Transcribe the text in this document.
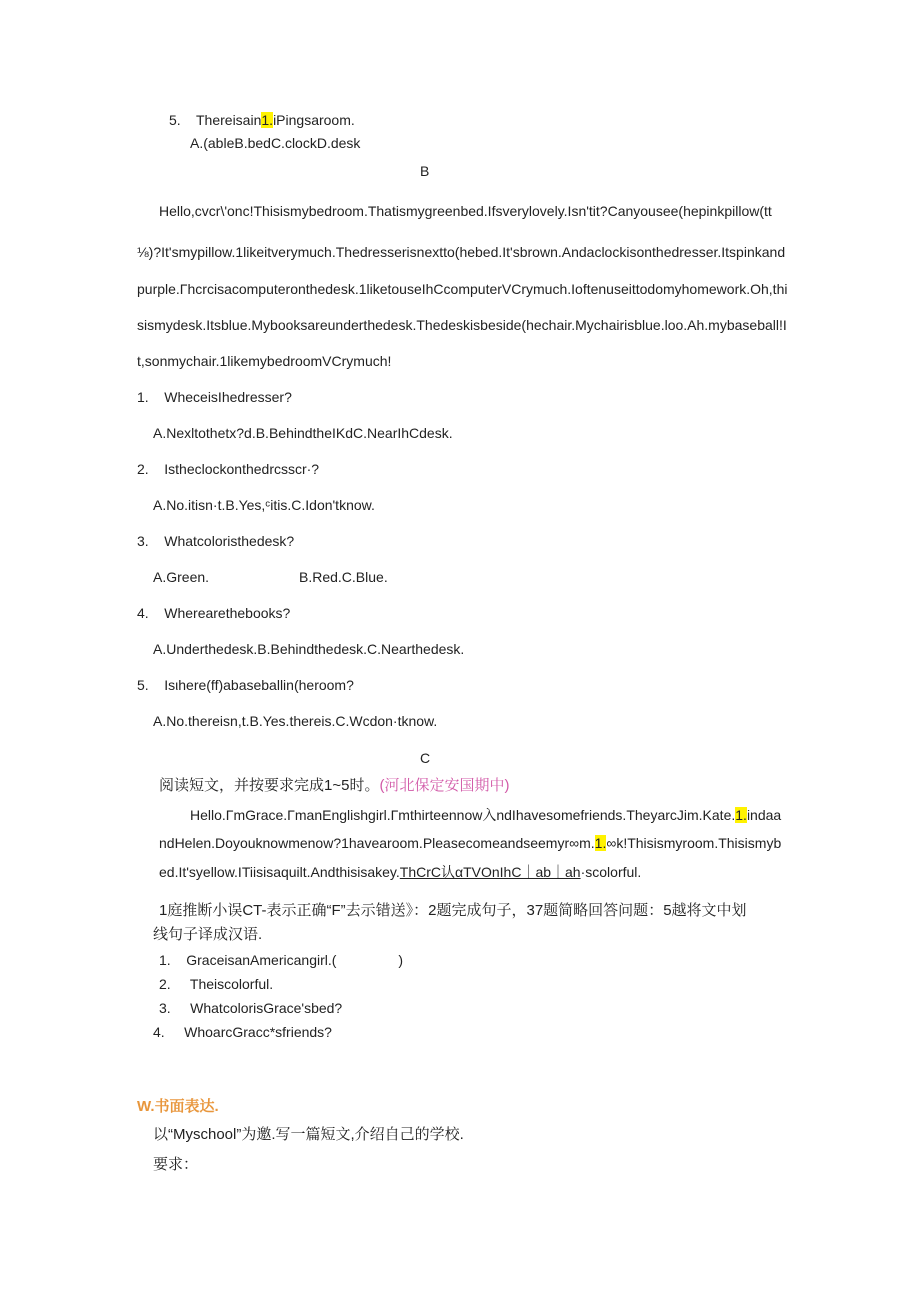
5. Thereisain1.iPingsaroom.
A.(ableB.bedC.clockD.desk
B
Hello,cvcr\'onc!Thisismybedroom.Thatismygreenbed.Ifsverylovely.Isn'tit?Canyousee(hepinkpillow(tt
⅛)?It'smypillow.1likeitverymuch.Thedresserisnextto(hebed.It'sbrown.Andaclockisonthedresser.Itspinkand
purple.Γhcrcisacomputeronthedesk.1liketouseIhCcomputerVCrymuch.Ioftenuseittodomyhomework.Oh,thi
sismydesk.Itsblue.Mybooksareunderthedesk.Thedeskisbeside(hechair.Mychairisblue.loo.Ah.mybaseball!I
t,sonmychair.1likemybedroomVCrymuch!
1. WheceisIhedresser?
A.Nexltothetx?d.B.BehindtheIKdC.NearIhCdesk.
2. Istheclockonthedrcsscr·?
A.No.itisn·t.B.Yes,ᶜitis.C.Idon'tknow.
3. Whatcoloristhedesk?
A.Green.	B.Red.C.Blue.
4. Wherearethebooks?
A.Underthedesk.B.Behindthedesk.C.Nearthedesk.
5. Isιhere(ff)abaseballin(heroom?
A.No.thereisn,t.B.Yes.thereis.C.Wcdon·tknow.
C
阅读短文，并按要求完成1~5时。(河北保定安国期中)
Hello.ΓmGrace.ΓmanEnglishgirl.Γmthirteennow入ndIhavesomefriends.TheyarcJim.Kate.1.indaa
ndHelen.Doyouknowmenow?1havearoom.Pleasecomeandseemyr∞m.1.∞k!Thisismyroom.Thisismyb
ed.It'syellow.ITiisisaquilt.Andthisisakey.ThCrC认αTVOnIhC｜ab｜ah·scolorful.
1庭推断小误CT-表示正确“F”去示错送》：2题完成句子，37题简略回答问题：5越将文中划
线句子译成汉语.
1. GraceisanAmericangirl.(	)
2. Theiscolorful.
3. WhatcolorisGrace'sbed?
4. WhoarcGracc*sfriends?
W.书面表达.
以“Myschool”为邀.写一篇短文,介绍自己的学校.
要求：
